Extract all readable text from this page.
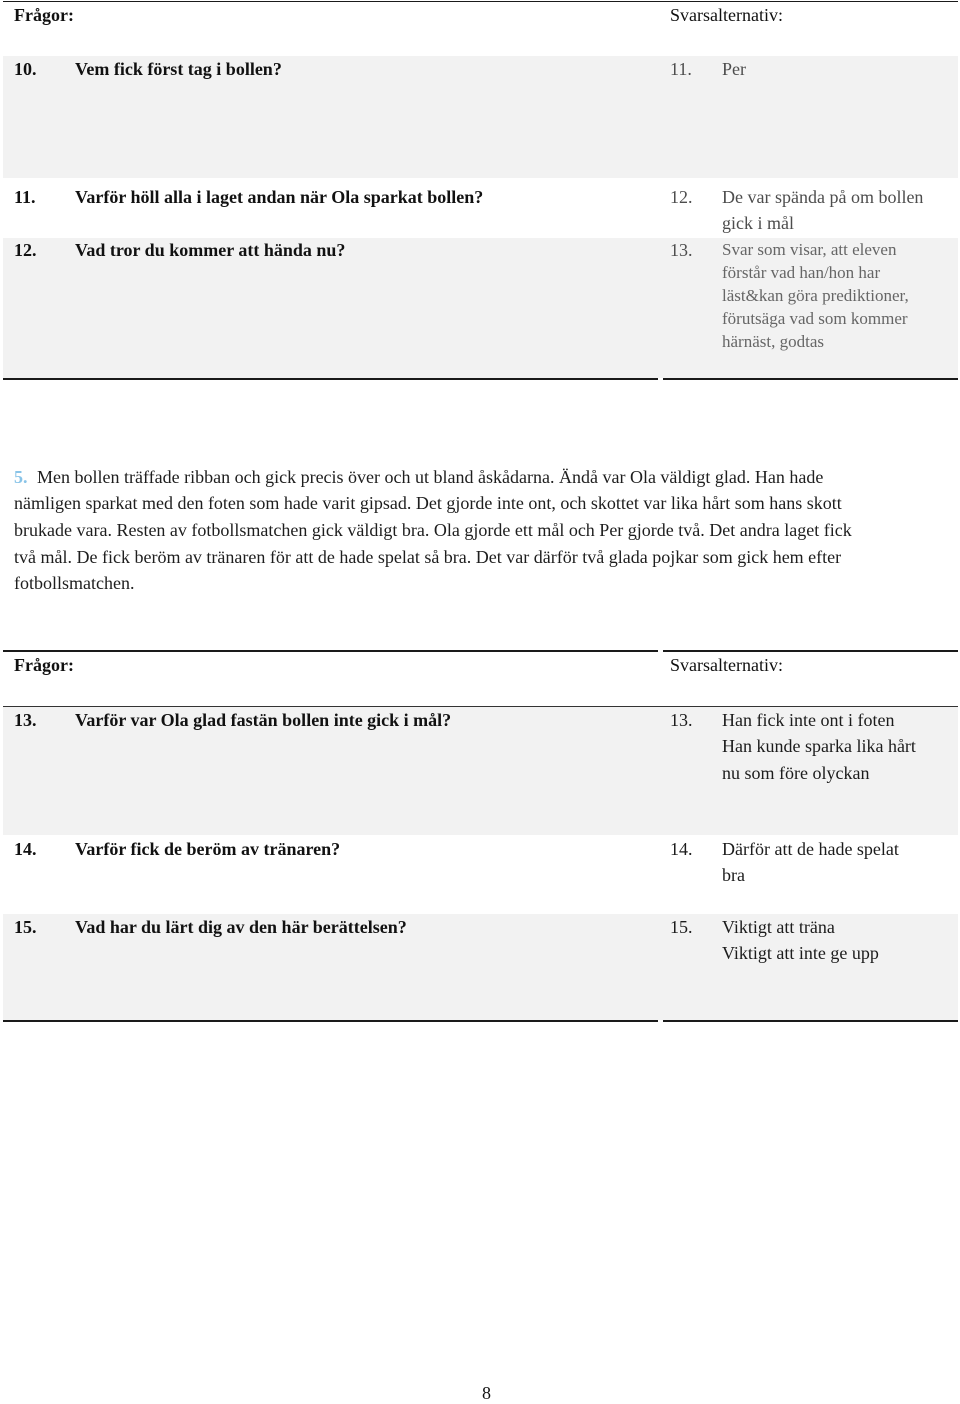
Frågor:	Svarsalternativ:
10. Vem fick först tag i bollen?	11. Per
11. Varför höll alla i laget andan när Ola sparkat bollen?	12. De var spända på om bollen
gick i mål
12. Vad tror du kommer att hända nu?	13. Svar som visar, att eleven
förstår vad han/hon har
läst&kan göra prediktioner,
förutsäga vad som kommer
härnäst, godtas
5. Men bollen träffade ribban och gick precis över och ut bland åskådarna. Ändå var Ola väldigt glad. Han hade
nämligen sparkat med den foten som hade varit gipsad. Det gjorde inte ont, och skottet var lika hårt som hans skott
brukade vara. Resten av fotbollsmatchen gick väldigt bra. Ola gjorde ett mål och Per gjorde två. Det andra laget fick
två mål. De fick beröm av tränaren för att de hade spelat så bra. Det var därför två glada pojkar som gick hem efter
fotbollsmatchen.
Frågor:	Svarsalternativ:
13. Varför var Ola glad fastän bollen inte gick i mål?	13. Han fick inte ont i foten
Han kunde sparka lika hårt
nu som före olyckan
14. Varför fick de beröm av tränaren?	14. Därför att de hade spelat
bra
15. Vad har du lärt dig av den här berättelsen?	15. Viktigt att träna
Viktigt att inte ge upp
8
